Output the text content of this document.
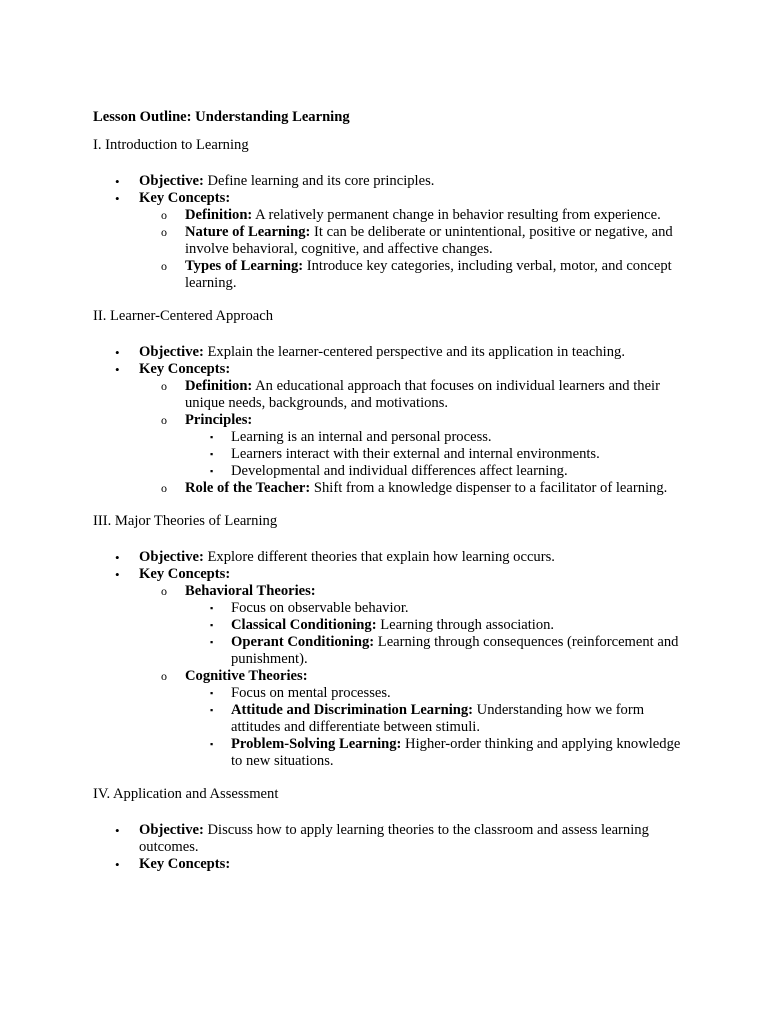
Lesson Outline: Understanding Learning

I. Introduction to Learning

• Objective: Define learning and its core principles.
• Key Concepts:
o Definition: A relatively permanent change in behavior resulting from experience.
o Nature of Learning: It can be deliberate or unintentional, positive or negative, and involve behavioral, cognitive, and affective changes.
o Types of Learning: Introduce key categories, including verbal, motor, and concept learning.

II. Learner-Centered Approach

• Objective: Explain the learner-centered perspective and its application in teaching.
• Key Concepts:
o Definition: An educational approach that focuses on individual learners and their unique needs, backgrounds, and motivations.
o Principles:
▪ Learning is an internal and personal process.
▪ Learners interact with their external and internal environments.
▪ Developmental and individual differences affect learning.
o Role of the Teacher: Shift from a knowledge dispenser to a facilitator of learning.

III. Major Theories of Learning

• Objective: Explore different theories that explain how learning occurs.
• Key Concepts:
o Behavioral Theories:
▪ Focus on observable behavior.
▪ Classical Conditioning: Learning through association.
▪ Operant Conditioning: Learning through consequences (reinforcement and punishment).
o Cognitive Theories:
▪ Focus on mental processes.
▪ Attitude and Discrimination Learning: Understanding how we form attitudes and differentiate between stimuli.
▪ Problem-Solving Learning: Higher-order thinking and applying knowledge to new situations.

IV. Application and Assessment

• Objective: Discuss how to apply learning theories to the classroom and assess learning outcomes.
• Key Concepts:
